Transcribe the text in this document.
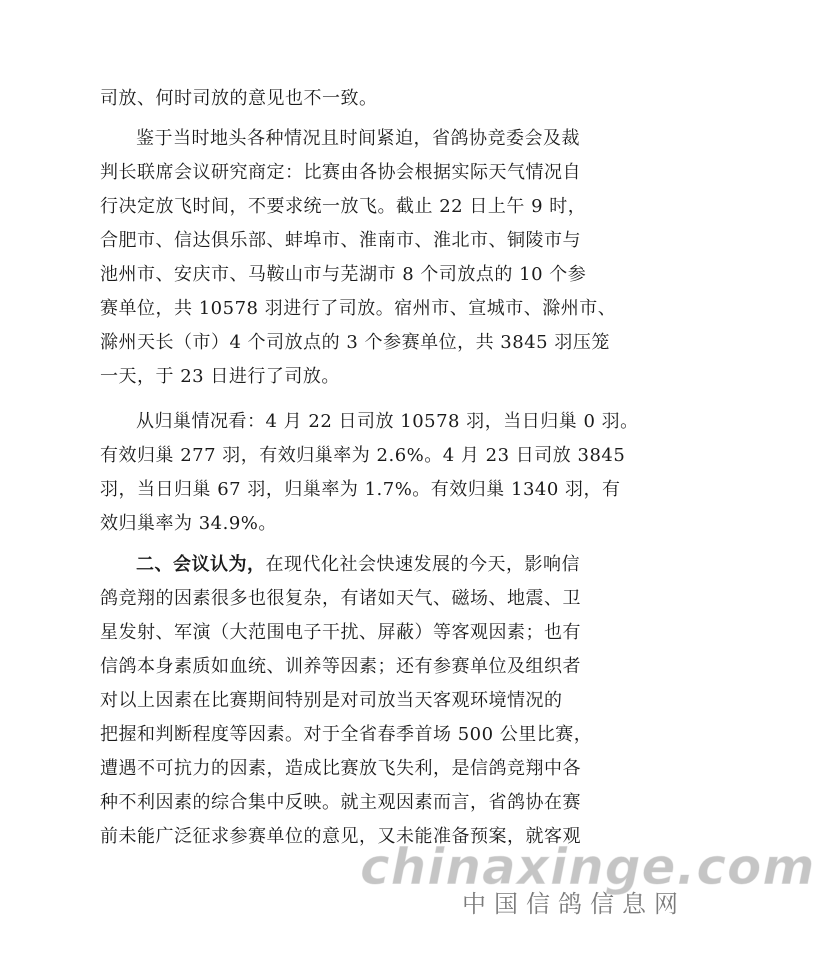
司放、何时司放的意见也不一致。

鉴于当时地头各种情况且时间紧迫，省鸽协竞委会及裁
判长联席会议研究商定：比赛由各协会根据实际天气情况自
行决定放飞时间，不要求统一放飞。截止 22 日上午 9 时，
合肥市、信达俱乐部、蚌埠市、淮南市、淮北市、铜陵市与
池州市、安庆市、马鞍山市与芜湖市 8 个司放点的 10 个参
赛单位，共 10578 羽进行了司放。宿州市、宣城市、滁州市、
滁州天长（市）4 个司放点的 3 个参赛单位，共 3845 羽压笼
一天，于 23 日进行了司放。

从归巢情况看：4 月 22 日司放 10578 羽，当日归巢 0 羽。
有效归巢 277 羽，有效归巢率为 2.6%。4 月 23 日司放 3845
羽，当日归巢 67 羽，归巢率为 1.7%。有效归巢 1340 羽，有
效归巢率为 34.9%。

二、会议认为，在现代化社会快速发展的今天，影响信
鸽竞翔的因素很多也很复杂，有诸如天气、磁场、地震、卫
星发射、军演（大范围电子干扰、屏蔽）等客观因素；也有
信鸽本身素质如血统、训养等因素；还有参赛单位及组织者
对以上因素在比赛期间特别是对司放当天客观环境情况的
把握和判断程度等因素。对于全省春季首场 500 公里比赛，
遭遇不可抗力的因素，造成比赛放飞失利，是信鸽竞翔中各
种不利因素的综合集中反映。就主观因素而言，省鸽协在赛
前未能广泛征求参赛单位的意见，又未能准备预案，就客观

chinaxinge.com
中国信鸽信息网
